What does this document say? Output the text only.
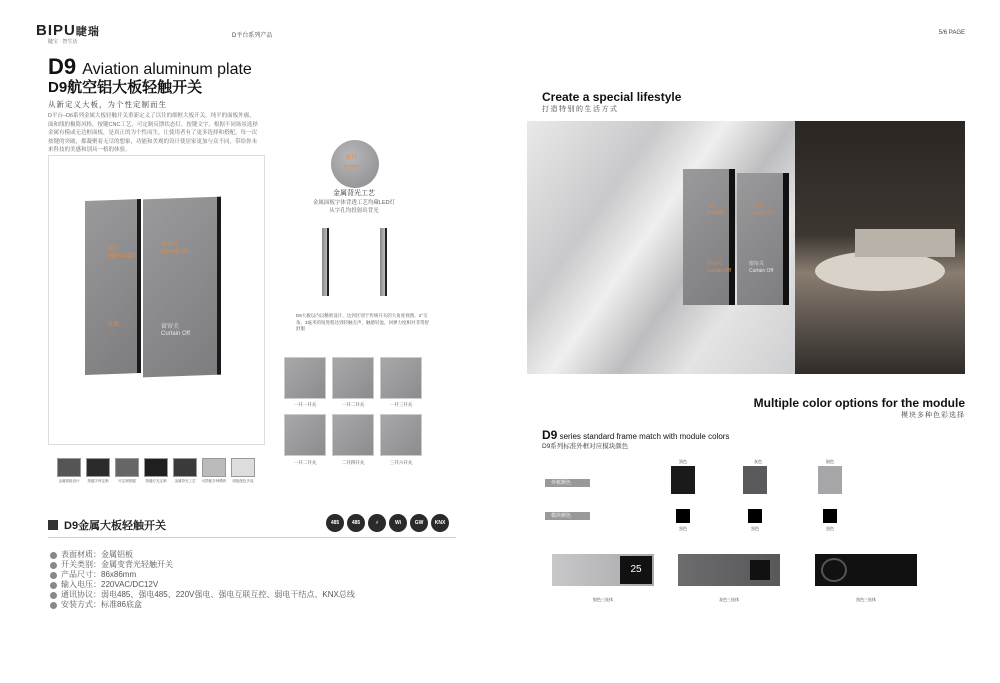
BIPU睫瑞
睫宝 · 智生活
D平台系列产品
D9 Aviation aluminum plate
D9航空铝大板轻触开关
从新定义大板，为个性定制而生
D平台–D6系列金属大板轻触开关重新定义了以往的细框大板开关，纯平的面板外廓，面和线的极简风格，按键CNC工艺，可定制反馈状态灯，按键文字，根据不同场景选择金属有模或无边框面板，是真正的为个性而生，让使用者有了更多选择和搭配，每一次按键的突破，都凝聚着无尽的想象，功能和美观的设计使居家更加与众不同，带给你未来科技的美感和别具一格的体验。
窗打
Night Light
窗帘开
Curtain On
电器	窗帘关
Curtain Off
金属面板设计	按键字库定制	可定制按键	按键灯光定制	金属背光工艺	可搭配多种模块	面板配色多选
窗灯
Bedlight
金属背光工艺
金属面板字体背透工艺均藏LED灯
从字孔均投射出背光
D9大板以内以精密设计，达到区别于传统开关的大角度视图，2°交角，3毫米的短进程达到轻触无声，触感轻盈，回弹力度相对非常舒舒服
一开一开关	一开二开关	一开三开关
一开二开关	二开四开关	三开六开关
D9金属大板轻触开关	485	485	⚡	Wi	GW	KNX
表面材质：金属铝板
开关类别：金属变背光轻触开关
产品尺寸：86x86mm
输入电压：220VAC/DC12V
通讯协议：弱电485、强电485、220V强电、强电互联互控、弱电干结点、KNX总线
安装方式：标准86底盒
5/6 PAGE
Create a special lifestyle
打造特别的生活方式
窗灯
Bedlight
窗帘开
Curtain On
窗帘关
Curtain Off
窗帘关
Curtain Off
Multiple color options for the module
模块多种色彩选择
D9 series standard frame match with module colors
D9系列标准外框对应模块颜色
外框颜色
模块颜色
黑色	灰色	银色
黑色	黑色	黑色
25
银色三连体	灰色三连体	黑色三连体
